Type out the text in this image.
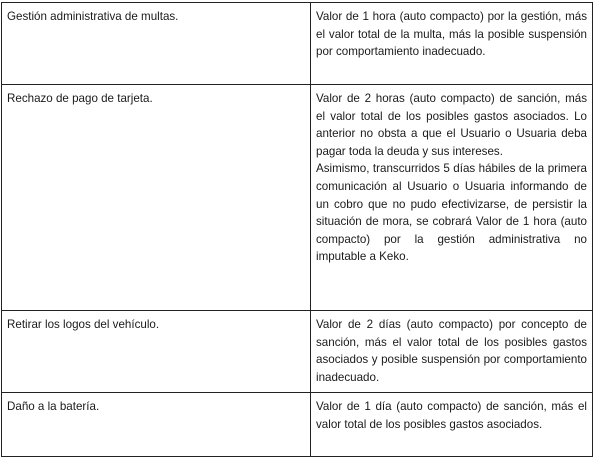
Gestión administrativa de multas.	Valor de 1 hora (auto compacto) por la gestión, más el valor total de la multa, más la posible suspensión por comportamiento inadecuado.

Rechazo de pago de tarjeta.	Valor de 2 horas (auto compacto) de sanción, más el valor total de los posibles gastos asociados. Lo anterior no obsta a que el Usuario o Usuaria deba pagar toda la deuda y sus intereses.

Asimismo, transcurridos 5 días hábiles de la primera comunicación al Usuario o Usuaria informando de un cobro que no pudo efectivizarse, de persistir la situación de mora, se cobrará Valor de 1 hora (auto compacto) por la gestión administrativa no imputable a Keko.

Retirar los logos del vehículo.	Valor de 2 días (auto compacto) por concepto de sanción, más el valor total de los posibles gastos asociados y posible suspensión por comportamiento inadecuado.

Daño a la batería.	Valor de 1 día (auto compacto) de sanción, más el valor total de los posibles gastos asociados.
